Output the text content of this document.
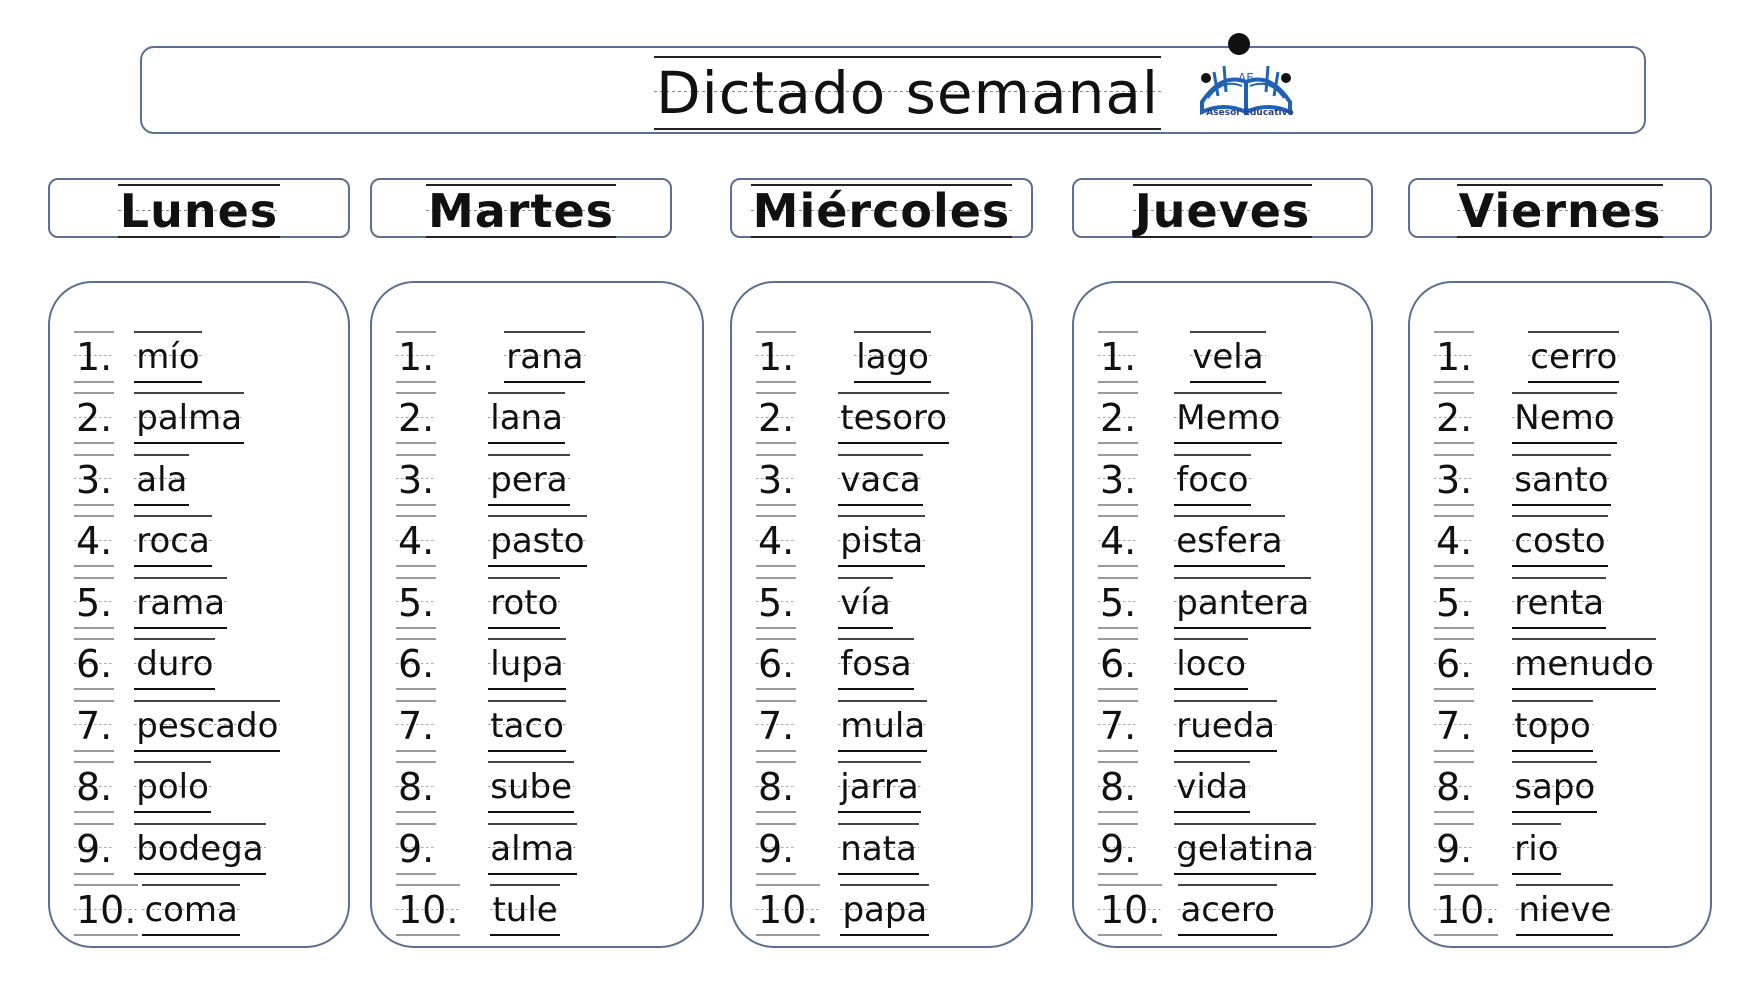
Dictado semanal	AE
Asesor Educativo
Lunes	Martes	Miércoles	Jueves	Viernes
1. mío
2. palma
3. ala
4. roca
5. rama
6. duro
7. pescado
8. polo
9. bodega
10. coma
1. rana
2. lana
3. pera
4. pasto
5. roto
6. lupa
7. taco
8. sube
9. alma
10. tule
1. lago
2. tesoro
3. vaca
4. pista
5. vía
6. fosa
7. mula
8. jarra
9. nata
10. papa
1. vela
2. Memo
3. foco
4. esfera
5. pantera
6. loco
7. rueda
8. vida
9. gelatina
10. acero
1. cerro
2. Nemo
3. santo
4. costo
5. renta
6. menudo
7. topo
8. sapo
9. rio
10. nieve
